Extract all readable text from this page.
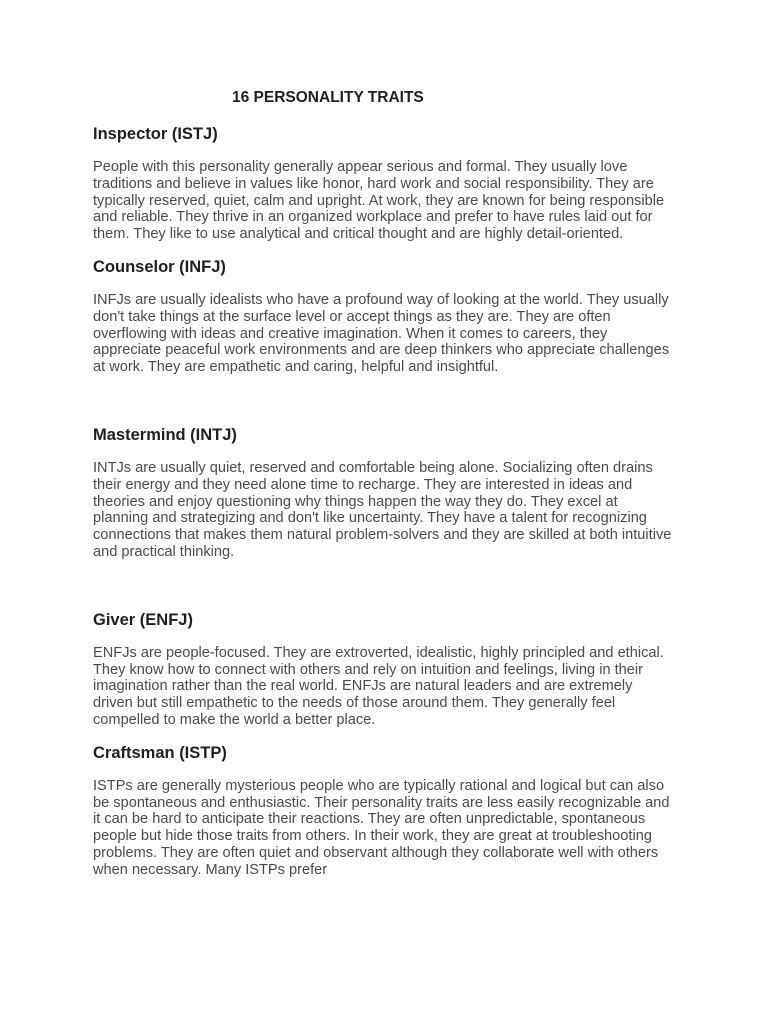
16 PERSONALITY TRAITS
Inspector (ISTJ)

People with this personality generally appear serious and formal. They usually love traditions and believe in values like honor, hard work and social responsibility. They are typically reserved, quiet, calm and upright. At work, they are known for being responsible and reliable. They thrive in an organized workplace and prefer to have rules laid out for them. They like to use analytical and critical thought and are highly detail-oriented.

Counselor (INFJ)

INFJs are usually idealists who have a profound way of looking at the world. They usually don't take things at the surface level or accept things as they are. They are often overflowing with ideas and creative imagination. When it comes to careers, they appreciate peaceful work environments and are deep thinkers who appreciate challenges at work. They are empathetic and caring, helpful and insightful.

Mastermind (INTJ)

INTJs are usually quiet, reserved and comfortable being alone. Socializing often drains their energy and they need alone time to recharge. They are interested in ideas and theories and enjoy questioning why things happen the way they do. They excel at planning and strategizing and don't like uncertainty. They have a talent for recognizing connections that makes them natural problem-solvers and they are skilled at both intuitive and practical thinking.

Giver (ENFJ)

ENFJs are people-focused. They are extroverted, idealistic, highly principled and ethical. They know how to connect with others and rely on intuition and feelings, living in their imagination rather than the real world. ENFJs are natural leaders and are extremely driven but still empathetic to the needs of those around them. They generally feel compelled to make the world a better place.

Craftsman (ISTP)

ISTPs are generally mysterious people who are typically rational and logical but can also be spontaneous and enthusiastic. Their personality traits are less easily recognizable and it can be hard to anticipate their reactions. They are often unpredictable, spontaneous people but hide those traits from others. In their work, they are great at troubleshooting problems. They are often quiet and observant although they collaborate well with others when necessary. Many ISTPs prefer
